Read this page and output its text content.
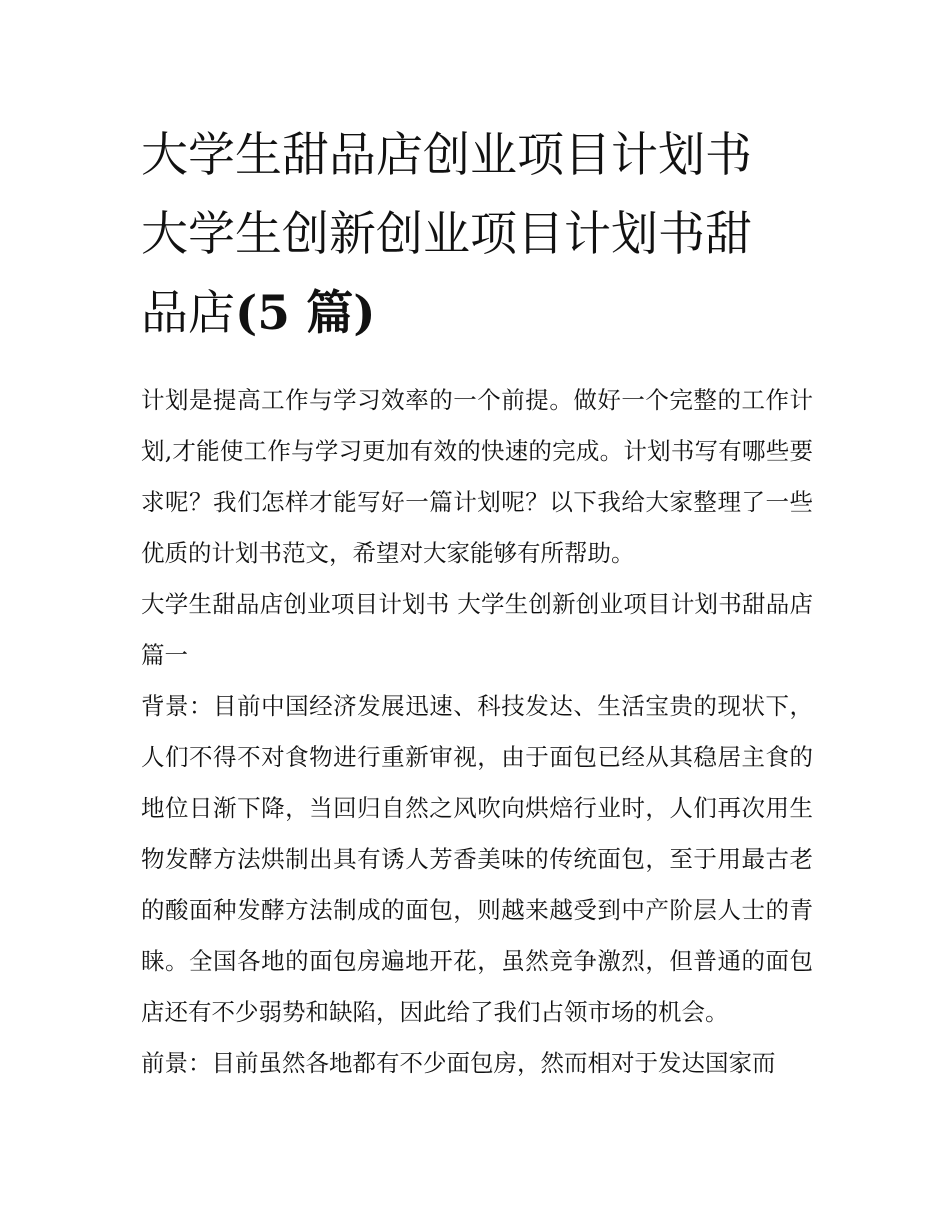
大学生甜品店创业项目计划书
大学生创新创业项目计划书甜
品店(5 篇)

计划是提高工作与学习效率的一个前提。做好一个完整的工作计划,才能使工作与学习更加有效的快速的完成。计划书写有哪些要求呢？我们怎样才能写好一篇计划呢？以下我给大家整理了一些优质的计划书范文，希望对大家能够有所帮助。

大学生甜品店创业项目计划书 大学生创新创业项目计划书甜品店篇一

背景：目前中国经济发展迅速、科技发达、生活宝贵的现状下，人们不得不对食物进行重新审视，由于面包已经从其稳居主食的地位日渐下降，当回归自然之风吹向烘焙行业时，人们再次用生物发酵方法烘制出具有诱人芳香美味的传统面包，至于用最古老的酸面种发酵方法制成的面包，则越来越受到中产阶层人士的青睐。全国各地的面包房遍地开花，虽然竞争激烈，但普通的面包店还有不少弱势和缺陷，因此给了我们占领市场的机会。

前景：目前虽然各地都有不少面包房，然而相对于发达国家而
